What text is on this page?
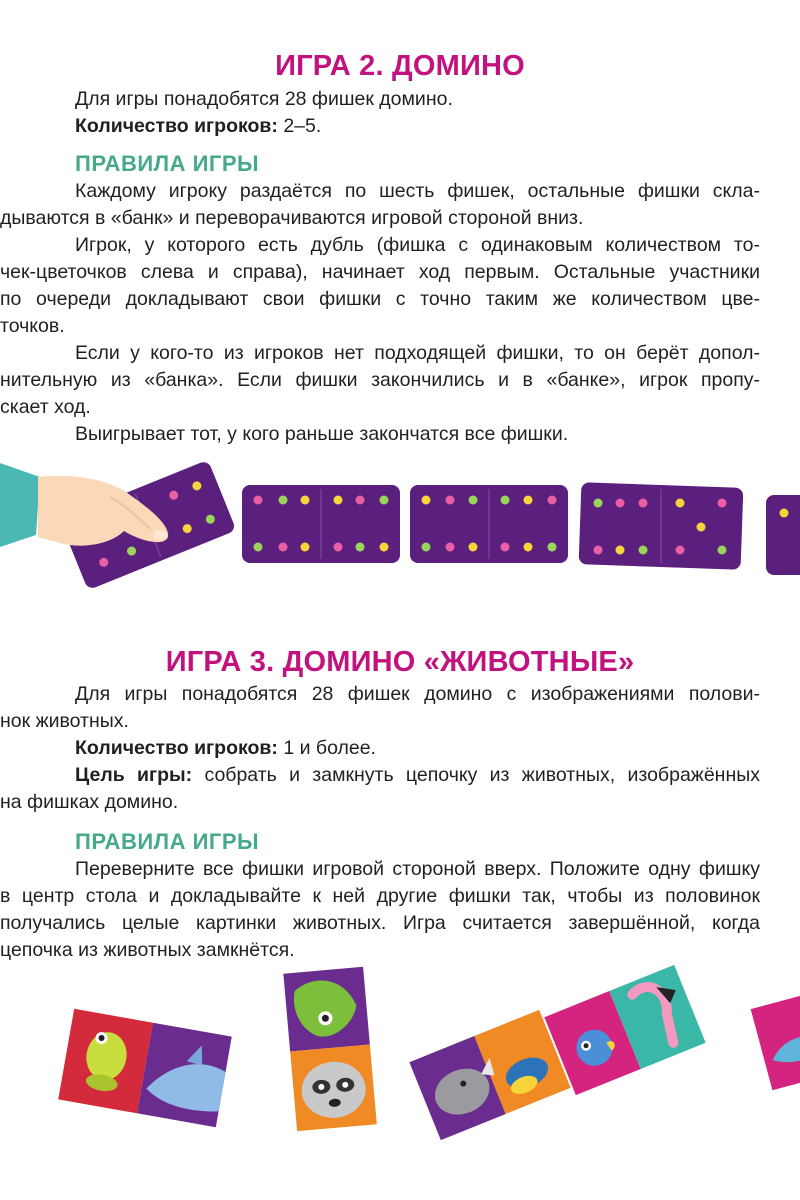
ИГРА 2. ДОМИНО
Для игры понадобятся 28 фишек домино.
Количество игроков: 2–5.
ПРАВИЛА ИГРЫ
Каждому игроку раздаётся по шесть фишек, остальные фишки скла-
дываются в «банк» и переворачиваются игровой стороной вниз.
Игрок, у которого есть дубль (фишка с одинаковым количеством то-
чек-цветочков слева и справа), начинает ход первым. Остальные участники
по очереди докладывают свои фишки с точно таким же количеством цве-
точков.
Если у кого-то из игроков нет подходящей фишки, то он берёт допол-
нительную из «банка». Если фишки закончились и в «банке», игрок пропу-
скает ход.
Выигрывает тот, у кого раньше закончатся все фишки.
ИГРА 3. ДОМИНО «ЖИВОТНЫЕ»
Для игры понадобятся 28 фишек домино с изображениями полови-
нок животных.
Количество игроков: 1 и более.
Цель игры: собрать и замкнуть цепочку из животных, изображённых
на фишках домино.
ПРАВИЛА ИГРЫ
Переверните все фишки игровой стороной вверх. Положите одну фишку
в центр стола и докладывайте к ней другие фишки так, чтобы из половинок
получались целые картинки животных. Игра считается завершённой, когда
цепочка из животных замкнётся.
